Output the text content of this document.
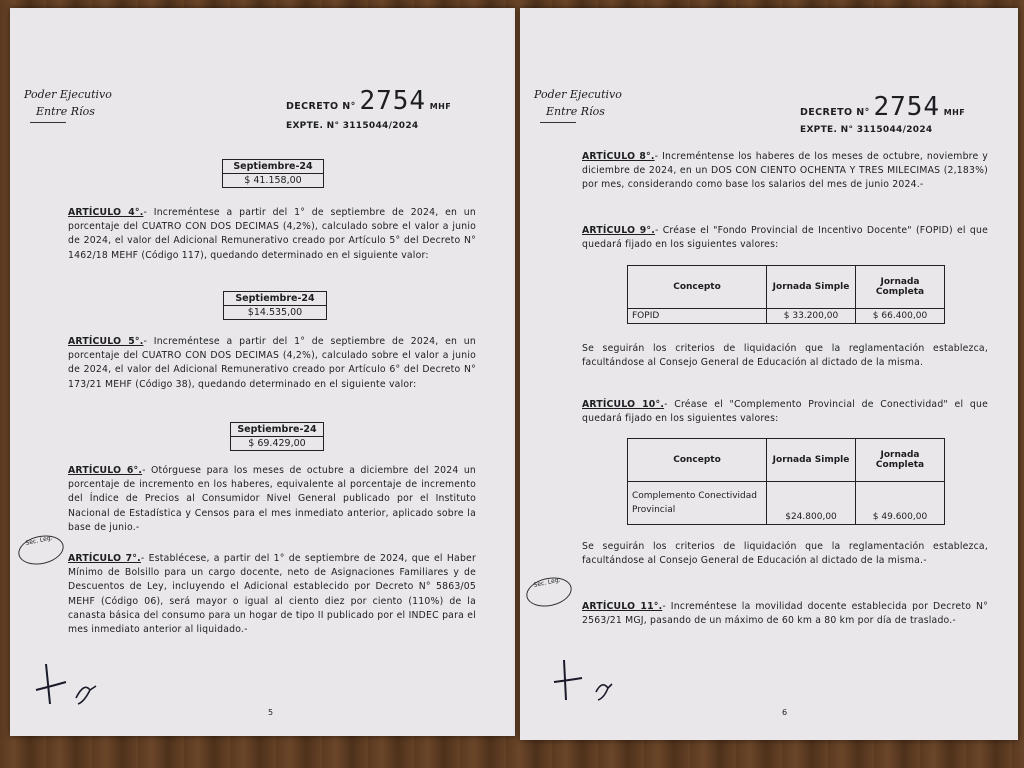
Poder Ejecutivo
Entre Ríos	DECRETO N° 2754 MHF
EXPTE. N° 3115044/2024
Septiembre-24
$ 41.158,00
ARTÍCULO 4°.- Increméntese a partir del 1° de septiembre de 2024, en un porcentaje del CUATRO CON DOS DECIMAS (4,2%), calculado sobre el valor a junio de 2024, el valor del Adicional Remunerativo creado por Artículo 5° del Decreto N° 1462/18 MEHF (Código 117), quedando determinado en el siguiente valor:
Septiembre-24
$14.535,00
ARTÍCULO 5°.- Increméntese a partir del 1° de septiembre de 2024, en un porcentaje del CUATRO CON DOS DECIMAS (4,2%), calculado sobre el valor a junio de 2024, el valor del Adicional Remunerativo creado por Artículo 6° del Decreto N° 173/21 MEHF (Código 38), quedando determinado en el siguiente valor:
Septiembre-24
$ 69.429,00
ARTÍCULO 6°.- Otórguese para los meses de octubre a diciembre del 2024 un porcentaje de incremento en los haberes, equivalente al porcentaje de incremento del Índice de Precios al Consumidor Nivel General publicado por el Instituto Nacional de Estadística y Censos para el mes inmediato anterior, aplicado sobre la base de junio.-
Sec. Leg.
ARTÍCULO 7°.- Establécese, a partir del 1° de septiembre de 2024, que el Haber Mínimo de Bolsillo para un cargo docente, neto de Asignaciones Familiares y de Descuentos de Ley, incluyendo el Adicional establecido por Decreto N° 5863/05 MEHF (Código 06), será mayor o igual al ciento diez por ciento (110%) de la canasta básica del consumo para un hogar de tipo II publicado por el INDEC para el mes inmediato anterior al liquidado.-
5
Poder Ejecutivo
Entre Ríos	DECRETO N° 2754 MHF
EXPTE. N° 3115044/2024
ARTÍCULO 8°.- Increméntense los haberes de los meses de octubre, noviembre y diciembre de 2024, en un DOS CON CIENTO OCHENTA Y TRES MILECIMAS (2,183%) por mes, considerando como base los salarios del mes de junio 2024.-
ARTÍCULO 9°.- Créase el "Fondo Provincial de Incentivo Docente" (FOPID) el que quedará fijado en los siguientes valores:
Concepto	Jornada Simple	Jornada Completa
FOPID	$ 33.200,00	$ 66.400,00
Se seguirán los criterios de liquidación que la reglamentación establezca, facultándose al Consejo General de Educación al dictado de la misma.
ARTÍCULO 10°.- Créase el "Complemento Provincial de Conectividad" el que quedará fijado en los siguientes valores:
Concepto	Jornada Simple	Jornada Completa
Complemento Conectividad Provincial	$24.800,00	$ 49.600,00
Se seguirán los criterios de liquidación que la reglamentación establezca, facultándose al Consejo General de Educación al dictado de la misma.-
Sec. Leg.
ARTÍCULO 11°.- Increméntese la movilidad docente establecida por Decreto N° 2563/21 MGJ, pasando de un máximo de 60 km a 80 km por día de traslado.-
6
